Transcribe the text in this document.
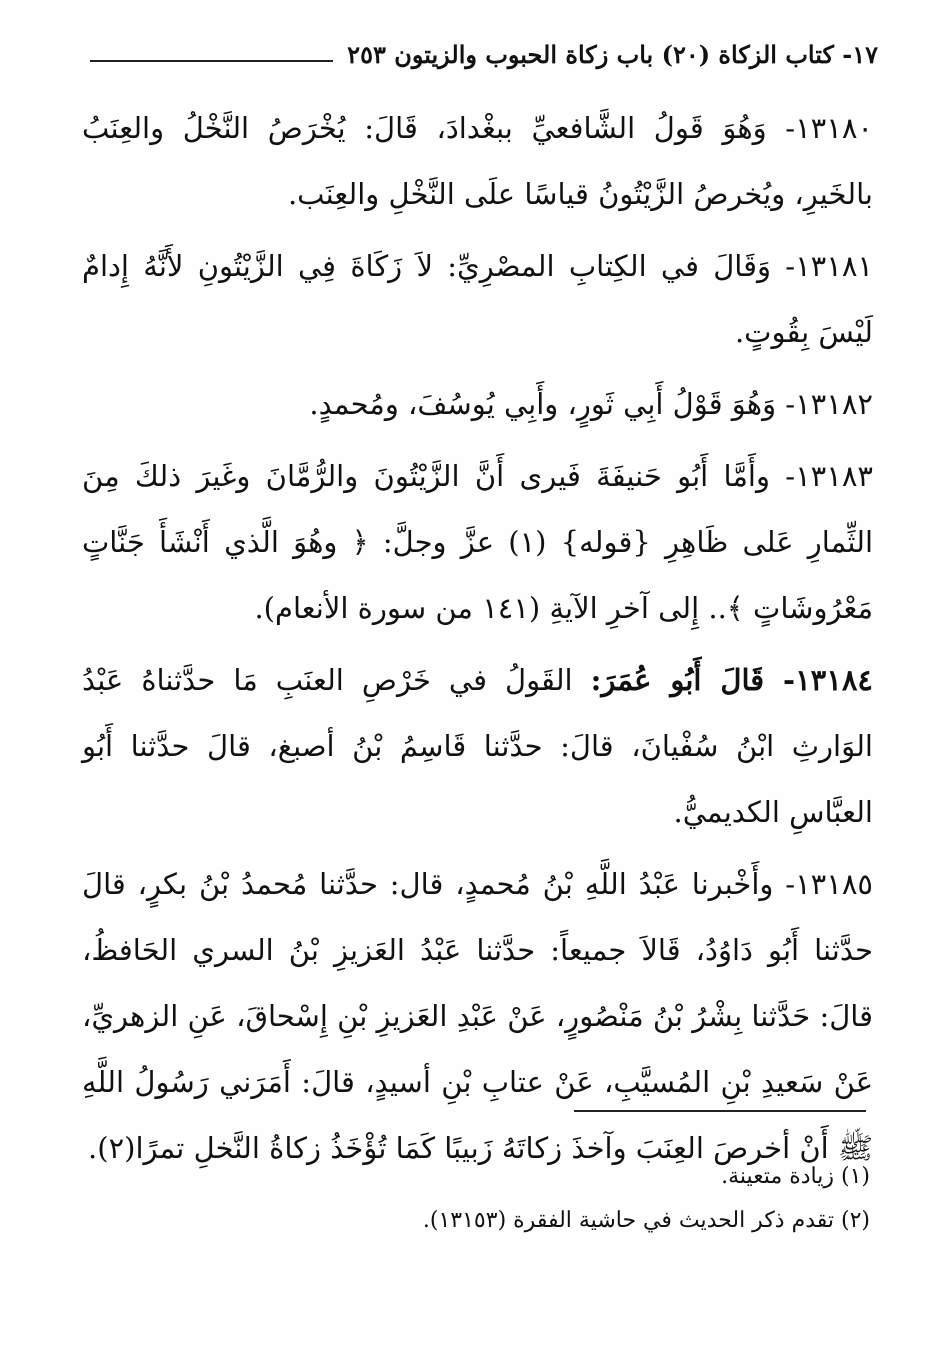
١٧- كتاب الزكاة (٢٠) باب زكاة الحبوب والزيتون ٢٥٣

١٣١٨٠- وَهُوَ قَولُ الشَّافعيِّ ببغْدادَ، قَالَ: يُخْرَصُ النَّخْلُ والعِنَبُ بالخَيرِ، ويُخرصُ الزَّيْتُونُ قياسًا علَى النَّخْلِ والعِنَب.

١٣١٨١- وَقَالَ في الكِتابِ المصْرِيِّ: لاَ زَكَاةَ فِي الزَّيْتُونِ لأَنَّهُ إِدامٌ لَيْسَ بِقُوتٍ.

١٣١٨٢- وَهُوَ قَوْلُ أَبِي ثَورٍ، وأَبِي يُوسُفَ، ومُحمدٍ.

١٣١٨٣- وأَمَّا أَبُو حَنيفَةَ فَيرى أَنَّ الزَّيْتُونَ والرُّمَّانَ وغَيرَ ذلكَ مِنَ الثِّمارِ عَلى ظَاهِرِ {قوله} (١) عزَّ وجلَّ: ﴿ وهُوَ الَّذي أَنْشَأَ جَنَّاتٍ مَعْرُوشَاتٍ ﴾.. إِلى آخرِ الآيةِ (١٤١ من سورة الأنعام).

١٣١٨٤- قَالَ أَبُو عُمَرَ: القَولُ في خَرْصِ العنَبِ مَا حدَّثناهُ عَبْدُ الوَارثِ ابْنُ سُفْيانَ، قالَ: حدَّثنا قَاسِمُ بْنُ أصبغ، قالَ حدَّثنا أَبُو العبَّاسِ الكديميُّ.

١٣١٨٥- وأَخْبرنا عَبْدُ اللَّهِ بْنُ مُحمدٍ، قال: حدَّثنا مُحمدُ بْنُ بكرٍ، قالَ حدَّثنا أَبُو دَاوُدُ، قَالاَ جميعاً: حدَّثنا عَبْدُ العَزيزِ بْنُ السري الحَافظُ، قالَ: حَدَّثنا بِشْرُ بْنُ مَنْصُورٍ، عَنْ عَبْدِ العَزيزِ بْنِ إِسْحاقَ، عَنِ الزهريِّ، عَنْ سَعيدِ بْنِ المُسيَّبِ، عَنْ عتابِ بْنِ أسيدٍ، قالَ: أَمَرَني رَسُولُ اللَّهِ ﷺ أَنْ أخرصَ العِنَبَ وآخذَ زكاتَهُ زَبيبًا كَمَا تُؤْخَذُ زكاةُ النَّخلِ تمرًا(٢).

(١) زيادة متعينة.

(٢) تقدم ذكر الحديث في حاشية الفقرة (١٣١٥٣).
